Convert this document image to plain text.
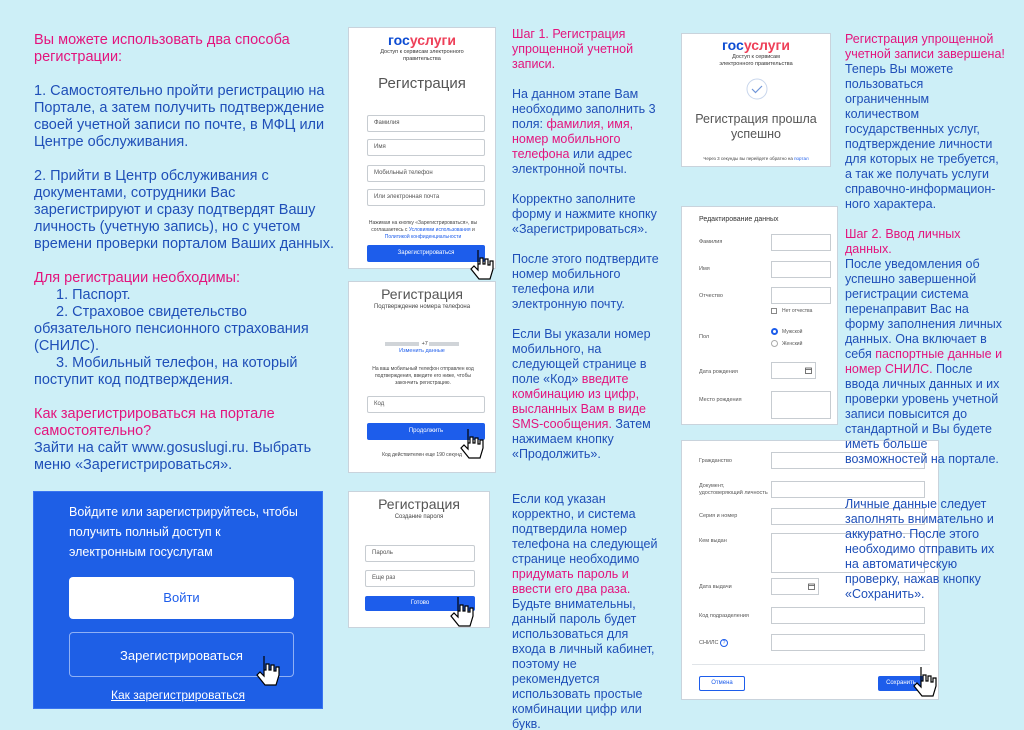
Вы можете использовать два способа регистрации:

1. Самостоятельно пройти регистрацию на Портале, а затем получить подтверждение своей учетной записи по почте, в МФЦ или Центре обслуживания.

2. Прийти в Центр обслуживания с документами, сотрудники Вас зарегистрируют и сразу подтвердят Вашу личность (учетную запись), но с учетом времени проверки порталом Ваших данных.

Для регистрации необходимы:
1. Паспорт.
2. Страховое свидетельство
обязательного пенсионного страхования (СНИЛС).
3. Мобильный телефон, на который
поступит код подтверждения.
Как зарегистрироваться на портале самостоятельно?
Зайти на сайт www.gosuslugi.ru. Выбрать меню «Зарегистрироваться».
Войдите или зарегистрируйтесь, чтобы получить полный доступ к электронным госуслугам
Войти
Зарегистрироваться
Как зарегистрироваться
госуслуги
Доступ к сервисам электронного правительства
Регистрация
Фамилия
Имя
Мобильный телефон
Или электронная почта
Нажимая на кнопку «Зарегистрироваться», вы соглашаетесь с Условиями использования и Политикой конфиденциальности
Зарегистрироваться
Регистрация
Подтверждение номера телефона
+7
Изменить данные
На ваш мобильный телефон отправлен код подтверждения, введите его ниже, чтобы закончить регистрацию.
Код
Продолжить
Код действителен еще 190 секунд
Регистрация
Создание пароля
Пароль
Еще раз
Готово

Шаг 1. Регистрация упрощенной учетной записи.

На данном этапе Вам необходимо заполнить 3 поля: фамилия, имя, номер мобильного телефона или адрес электронной почты.

Корректно заполните форму и нажмите кнопку «Зарегистрироваться».

После этого подтвердите номер мобильного телефона или электронную почту.

Если Вы указали номер мобильного, на следующей странице в поле «Код» введите комбинацию из цифр, высланных Вам в виде SMS-сообщения. Затем нажимаем кнопку «Продолжить».

Если код указан корректно, и система подтвердила номер телефона на следующей странице необходимо придумать пароль и ввести его два раза. Будьте внимательны, данный пароль будет использоваться для входа в личный кабинет, поэтому не рекомендуется использовать простые комбинации цифр или букв.

госуслуги
Доступ к сервисам электронного правительства
Регистрация прошла успешно
Через 3 секунды вы перейдете обратно на портал
Редактирование данных
Фамилия
Имя
Отчество
Нет отчества
Пол
Мужской
Женский
Дата рождения
Место рождения
Гражданство
Документ, удостоверяющий личность
Серия и номер
Кем выдан
Дата выдачи
Код подразделения
СНИЛС ?
Отмена	Сохранить

Регистрация упрощенной учетной записи завершена!

Теперь Вы можете пользоваться ограниченным количеством государственных услуг, подтверждение личности для которых не требуется, а так же получать услуги справочно-информацион-ного характера.

Шаг 2. Ввод личных данных.
После уведомления об успешно завершенной регистрации система перенаправит Вас на форму заполнения личных данных. Она включает в себя паспортные данные и номер СНИЛС. После ввода личных данных и их проверки уровень учетной записи повысится до стандартной и Вы будете иметь больше возможностей на портале.

Личные данные следует заполнять внимательно и аккуратно. После этого необходимо отправить их на автоматическую проверку, нажав кнопку «Сохранить».
